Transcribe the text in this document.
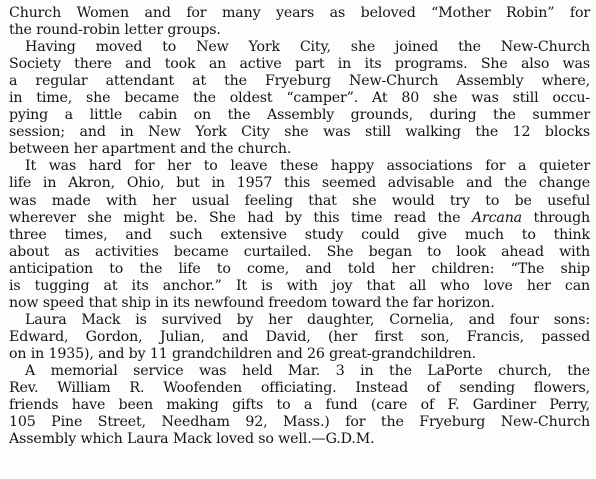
Church Women and for many years as beloved “Mother Robin” for
the round-robin letter groups.
Having moved to New York City, she joined the New-Church
Society there and took an active part in its programs. She also was
a regular attendant at the Fryeburg New-Church Assembly where,
in time, she became the oldest “camper”. At 80 she was still occu-
pying a little cabin on the Assembly grounds, during the summer
session; and in New York City she was still walking the 12 blocks
between her apartment and the church.
It was hard for her to leave these happy associations for a quieter
life in Akron, Ohio, but in 1957 this seemed advisable and the change
was made with her usual feeling that she would try to be useful
wherever she might be. She had by this time read the Arcana through
three times, and such extensive study could give much to think
about as activities became curtailed. She began to look ahead with
anticipation to the life to come, and told her children: “The ship
is tugging at its anchor.” It is with joy that all who love her can
now speed that ship in its newfound freedom toward the far horizon.
Laura Mack is survived by her daughter, Cornelia, and four sons:
Edward, Gordon, Julian, and David, (her first son, Francis, passed
on in 1935), and by 11 grandchildren and 26 great-grandchildren.
A memorial service was held Mar. 3 in the LaPorte church, the
Rev. William R. Woofenden officiating. Instead of sending flowers,
friends have been making gifts to a fund (care of F. Gardiner Perry,
105 Pine Street, Needham 92, Mass.) for the Fryeburg New-Church
Assembly which Laura Mack loved so well.—G.D.M.
